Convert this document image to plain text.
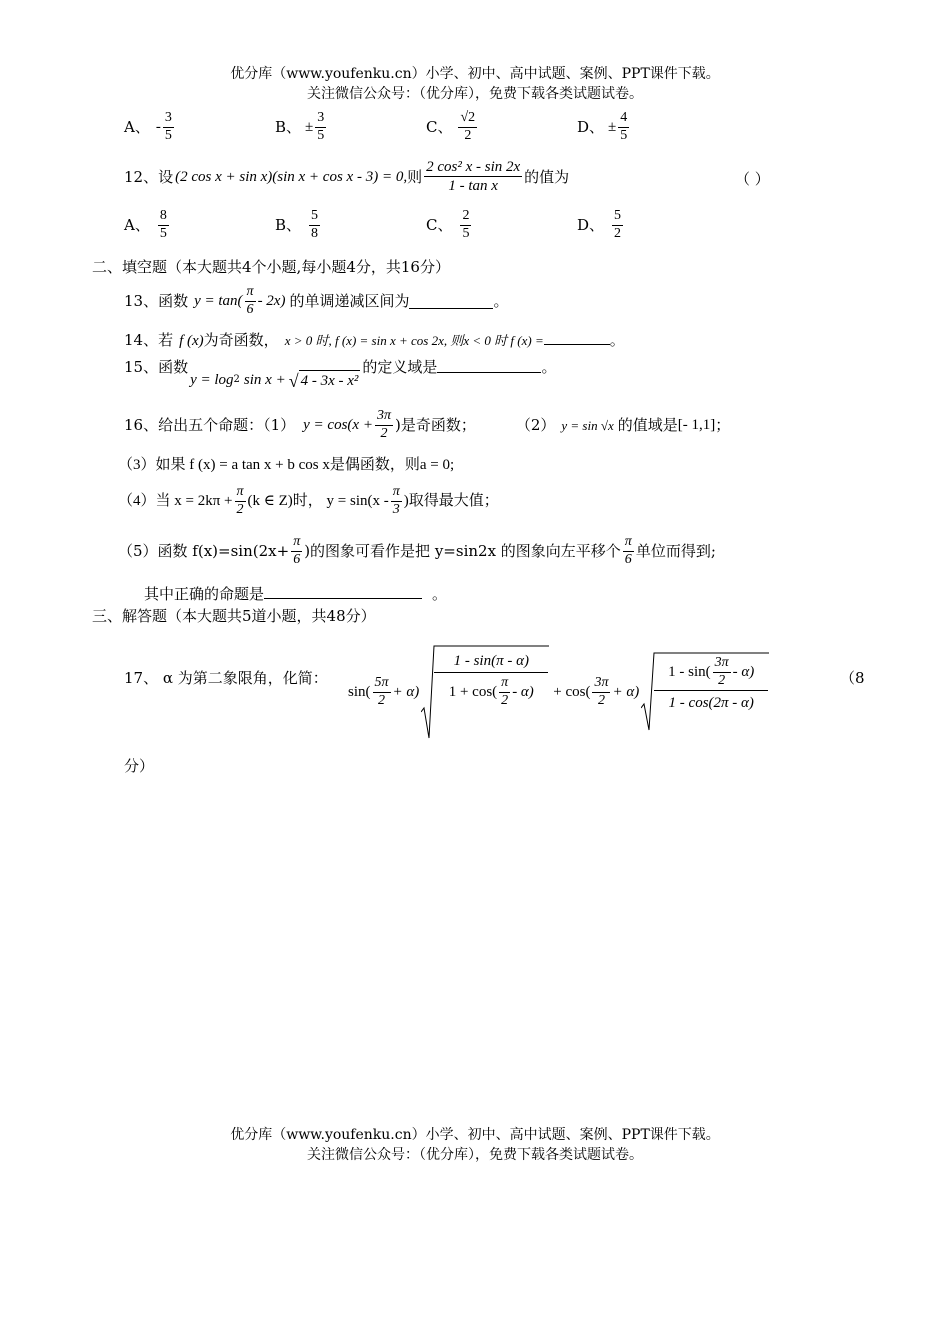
优分库（www.youfenku.cn）小学、初中、高中试题、案例、PPT课件下载。
关注微信公众号：（优分库），免费下载各类试题试卷。
A、 - $\frac{3}{5}$	B、 ± $\frac{3}{5}$	C、 $\frac{√2}{2}$	D、 ± $\frac{4}{5}$
12、设 (2 cos x + sin x)(sin x + cos x - 3) = 0, 则 $\frac{\text{2 cos² x - sin 2x}}{\text{1 - tan x}}$ 的值为	（ ）
A、 $\frac{8}{5}$	B、 $\frac{5}{8}$	C、 $\frac{2}{5}$	D、 $\frac{5}{2}$
二、填空题（本大题共4个小题,每小题4分，共16分）
13、函数 $y = \tan( \frac{\pi}{6} - 2x)$ 的单调递减区间为	。
14、若 f (x) 为奇函数， x > 0 时, f (x) = sin x + cos 2x, 则x < 0 时 f (x) =	。
15、函数
y = log 2 sin x + √ 4 - 3x - x²
的定义域是	。
16、给出五个命题：（1） $y = \cos(x + \frac{3\pi}{2}$ )是奇函数；	（2） y = sin √x 的值域是 [- 1,1] ；
（3）如果 f (x) = a tan x + b cos x是偶函数，则a = 0;
（4）当 $x = 2k\pi + \frac{\pi}{2} (k$ ∈ Z)时， $y = \sin(x - \frac{\pi}{3}$ )取得最大值；
（5）函数 $f(x)=\sin(2x+ \frac{\pi}{6}$ )的图象可看作是把 y=sin2x 的图象向左平移个 $\frac{\pi}{6}$ 单位而得到;
其中正确的命题是	。
三、解答题（本大题共5道小题，共48分）
17、 α 为第二象限角，化简：
$\sin( \frac{5\pi}{2} + \alpha)$
1 - sin(π - α)
$1 + \cos( \frac{\pi}{2} - \alpha) + \cos( \frac{3\pi}{2} + \alpha)$
$1 - \sin( \frac{3\pi}{2} - \alpha)$
1 - cos(2π - α)
（8
分）
优分库（www.youfenku.cn）小学、初中、高中试题、案例、PPT课件下载。
关注微信公众号：（优分库），免费下载各类试题试卷。
